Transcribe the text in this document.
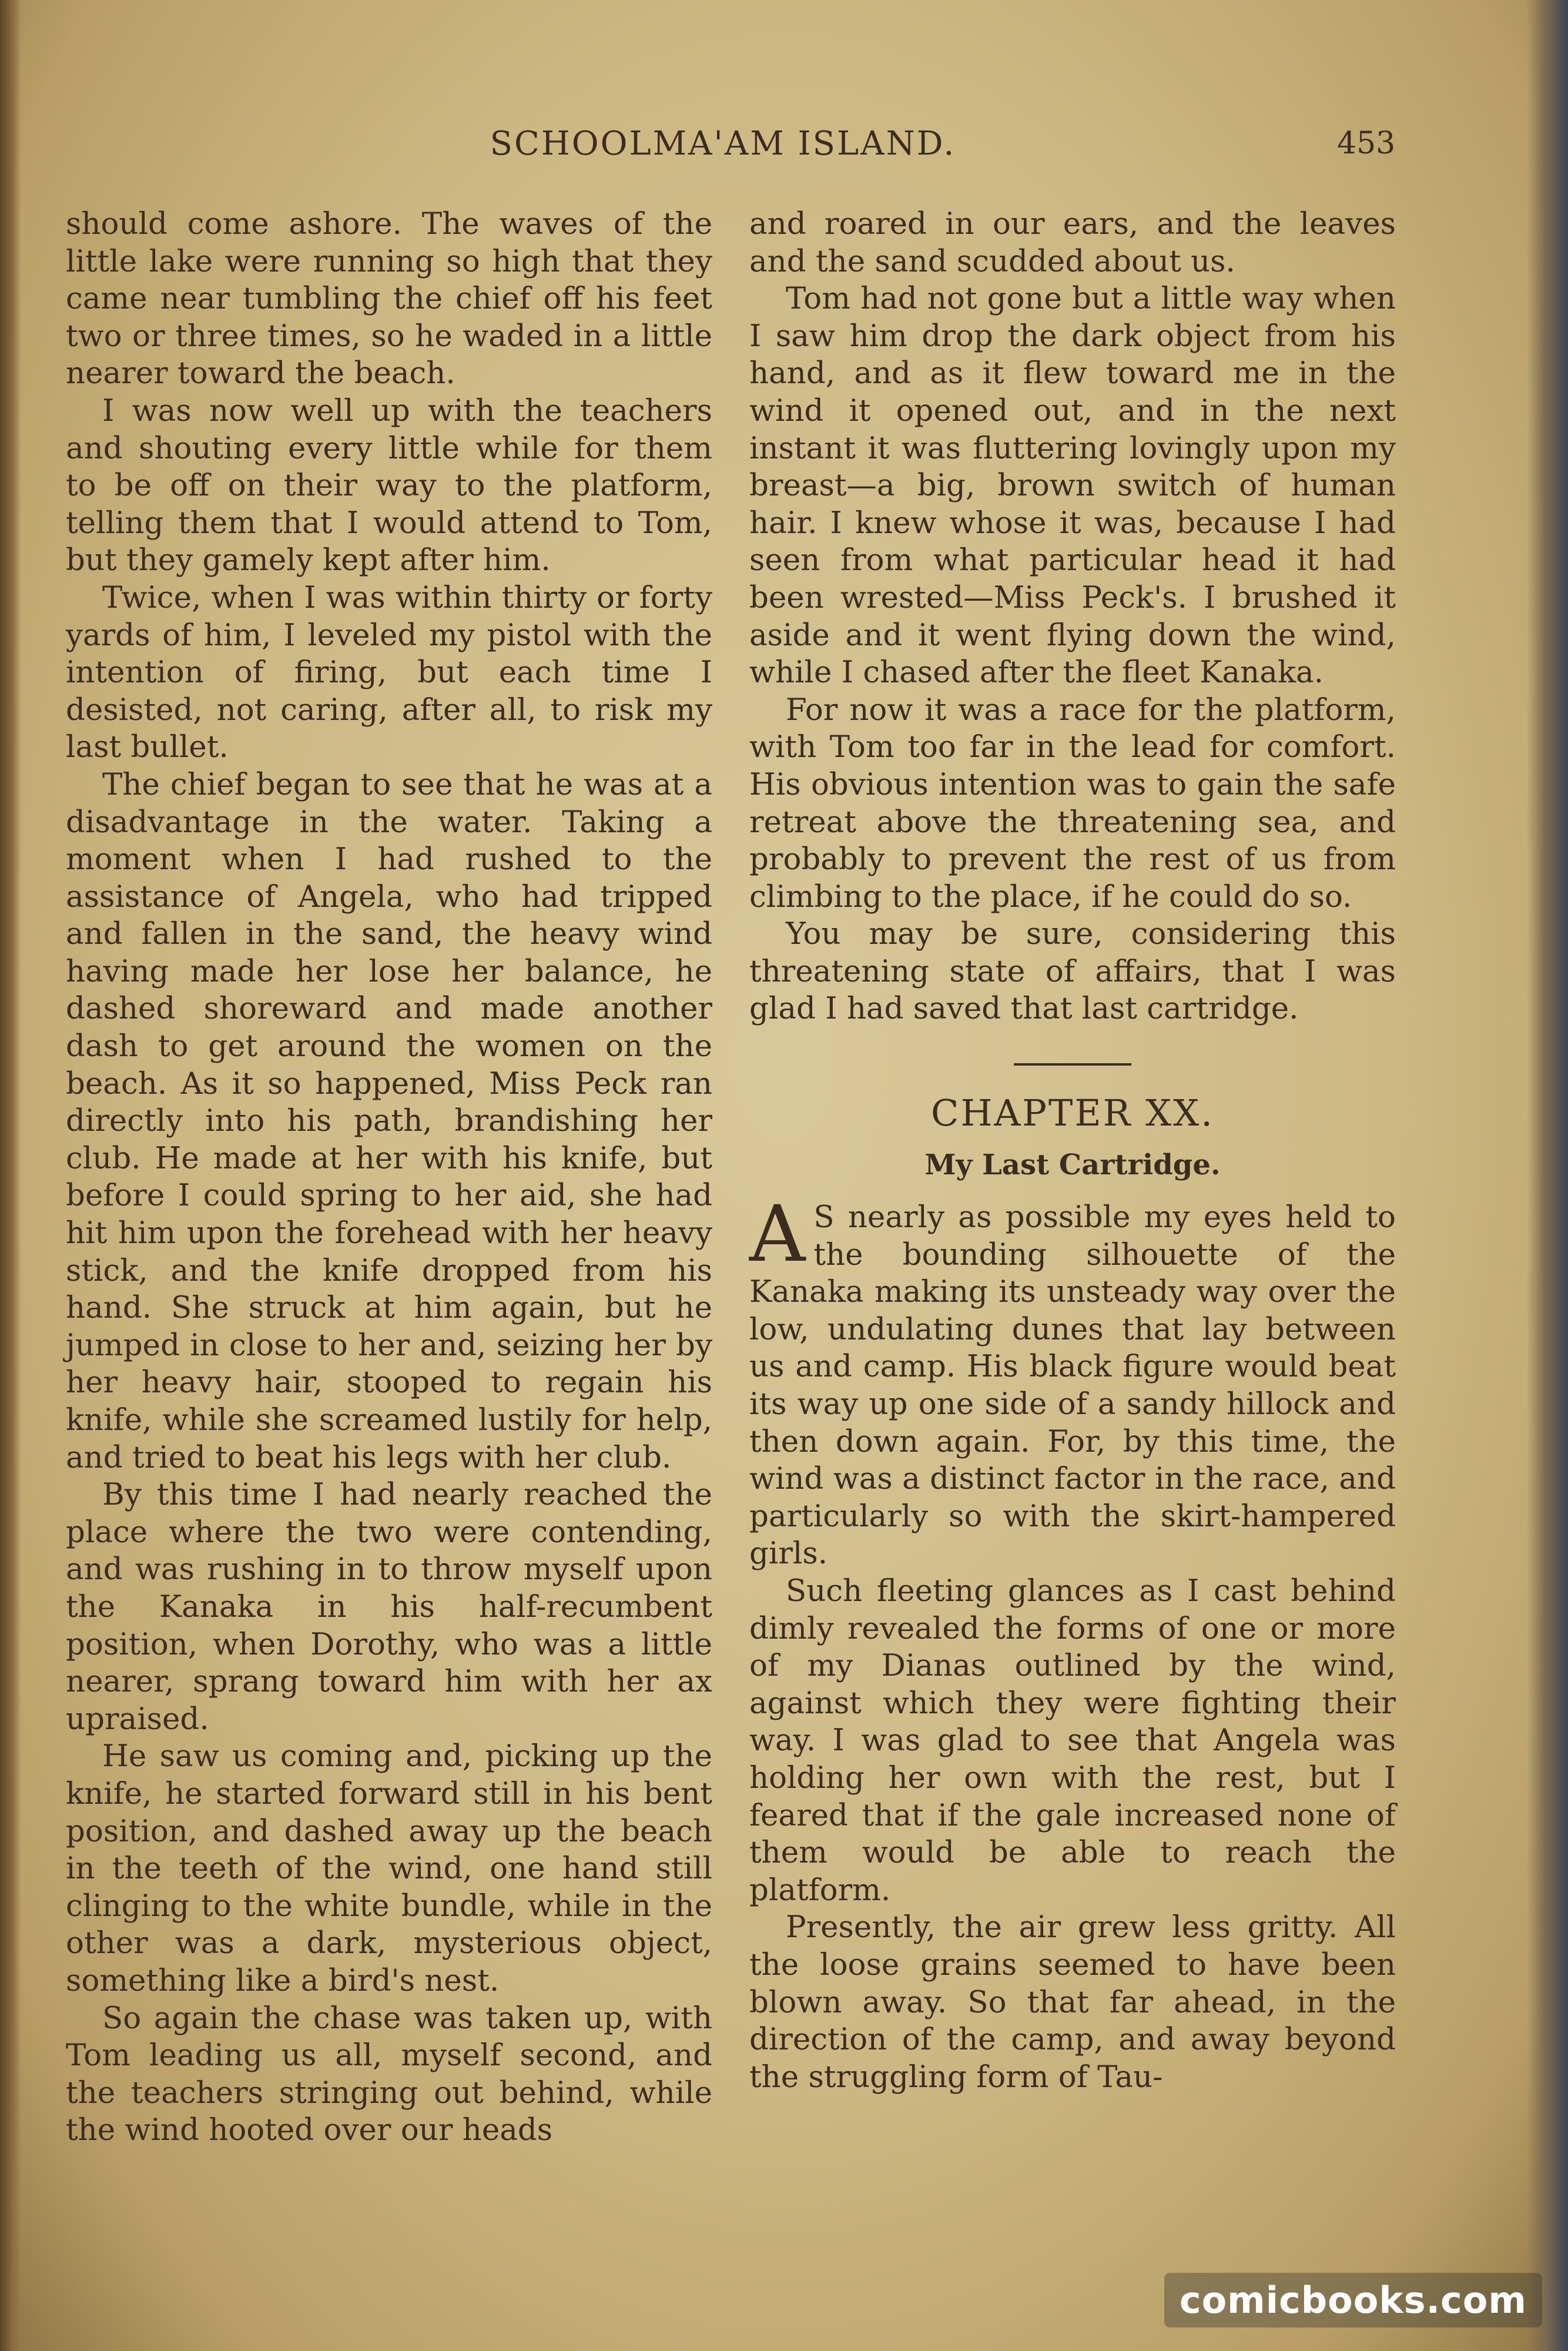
SCHOOLMA'AM ISLAND.	453

should come ashore. The waves of the little lake were running so high that they came near tumbling the chief off his feet two or three times, so he waded in a little nearer toward the beach.

I was now well up with the teachers and shouting every little while for them to be off on their way to the platform, telling them that I would attend to Tom, but they gamely kept after him.

Twice, when I was within thirty or forty yards of him, I leveled my pistol with the intention of firing, but each time I desisted, not caring, after all, to risk my last bullet.

The chief began to see that he was at a disadvantage in the water. Taking a moment when I had rushed to the assistance of Angela, who had tripped and fallen in the sand, the heavy wind having made her lose her balance, he dashed shoreward and made another dash to get around the women on the beach. As it so happened, Miss Peck ran directly into his path, brandishing her club. He made at her with his knife, but before I could spring to her aid, she had hit him upon the forehead with her heavy stick, and the knife dropped from his hand. She struck at him again, but he jumped in close to her and, seizing her by her heavy hair, stooped to regain his knife, while she screamed lustily for help, and tried to beat his legs with her club.

By this time I had nearly reached the place where the two were contending, and was rushing in to throw myself upon the Kanaka in his half-recumbent position, when Dorothy, who was a little nearer, sprang toward him with her ax upraised.

He saw us coming and, picking up the knife, he started forward still in his bent position, and dashed away up the beach in the teeth of the wind, one hand still clinging to the white bundle, while in the other was a dark, mysterious object, something like a bird's nest.

So again the chase was taken up, with Tom leading us all, myself second, and the teachers stringing out behind, while the wind hooted over our heads

and roared in our ears, and the leaves and the sand scudded about us.

Tom had not gone but a little way when I saw him drop the dark object from his hand, and as it flew toward me in the wind it opened out, and in the next instant it was fluttering lovingly upon my breast—a big, brown switch of human hair. I knew whose it was, because I had seen from what particular head it had been wrested—Miss Peck's. I brushed it aside and it went flying down the wind, while I chased after the fleet Kanaka.

For now it was a race for the platform, with Tom too far in the lead for comfort. His obvious intention was to gain the safe retreat above the threatening sea, and probably to prevent the rest of us from climbing to the place, if he could do so.

You may be sure, considering this threatening state of affairs, that I was glad I had saved that last cartridge.

CHAPTER XX.
My Last Cartridge.

A S nearly as possible my eyes held to the bounding silhouette of the Kanaka making its unsteady way over the low, undulating dunes that lay between us and camp. His black figure would beat its way up one side of a sandy hillock and then down again. For, by this time, the wind was a distinct factor in the race, and particularly so with the skirt-hampered girls.

Such fleeting glances as I cast behind dimly revealed the forms of one or more of my Dianas outlined by the wind, against which they were fighting their way. I was glad to see that Angela was holding her own with the rest, but I feared that if the gale increased none of them would be able to reach the platform.

Presently, the air grew less gritty. All the loose grains seemed to have been blown away. So that far ahead, in the direction of the camp, and away beyond the struggling form of Tau-

comicbooks.com
